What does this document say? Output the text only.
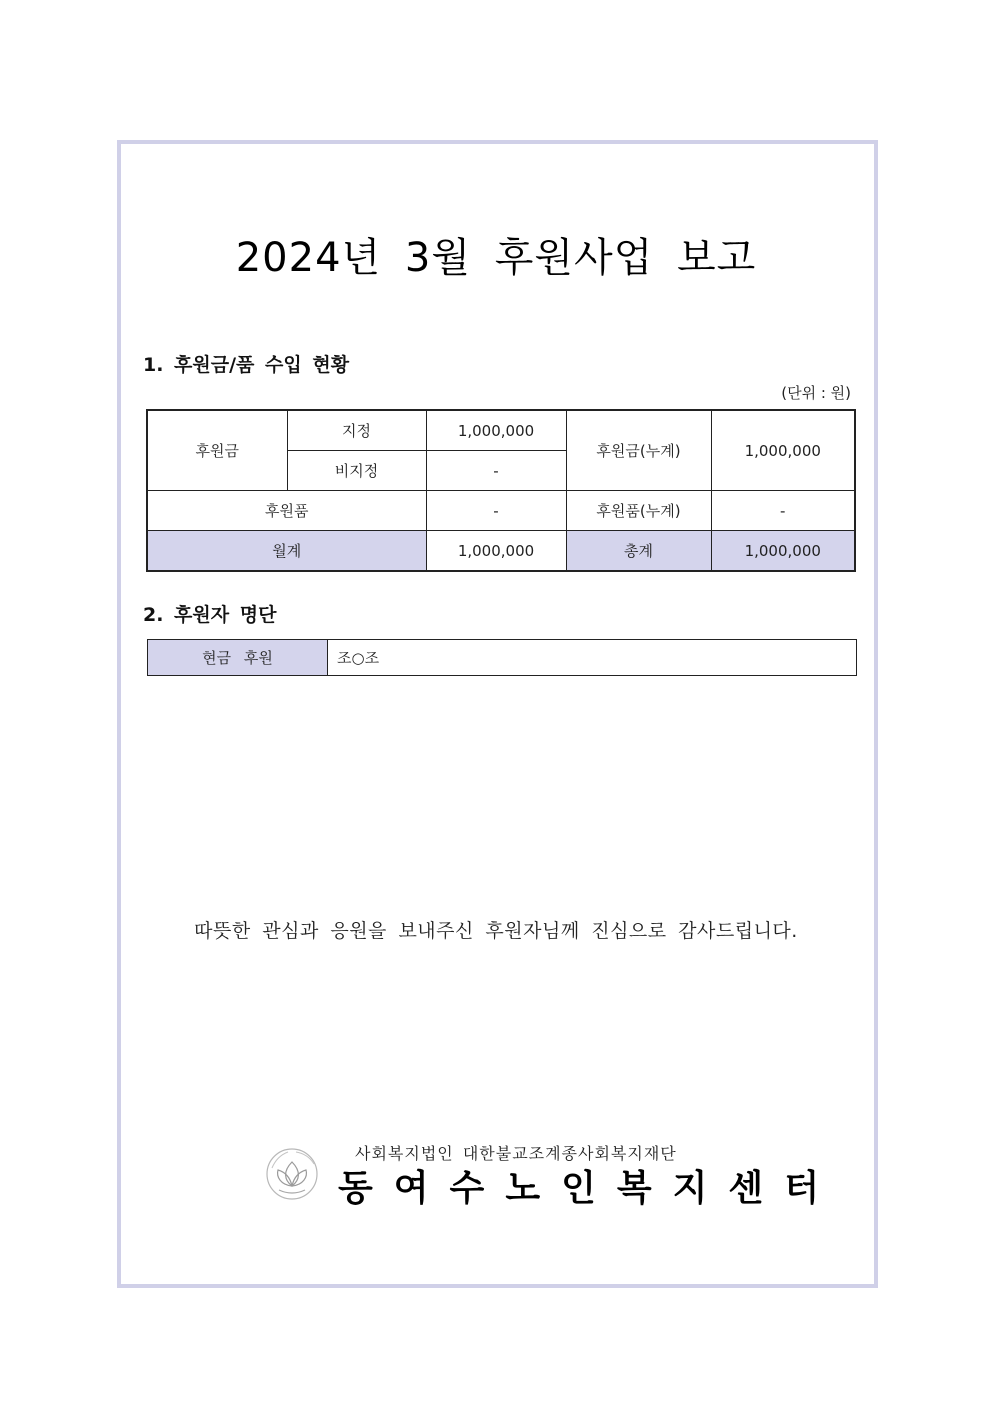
2024년 3월 후원사업 보고
1. 후원금/품 수입 현황
(단위 : 원)
후원금	지정	1,000,000	후원금(누계)	1,000,000
	비지정	-		
후원품		-	후원품(누계)	-
월계		1,000,000	총계	1,000,000
2. 후원자 명단
현금 후원	조○조
따뜻한 관심과 응원을 보내주신 후원자님께 진심으로 감사드립니다.
사회복지법인 대한불교조계종사회복지재단
동여수노인복지센터
